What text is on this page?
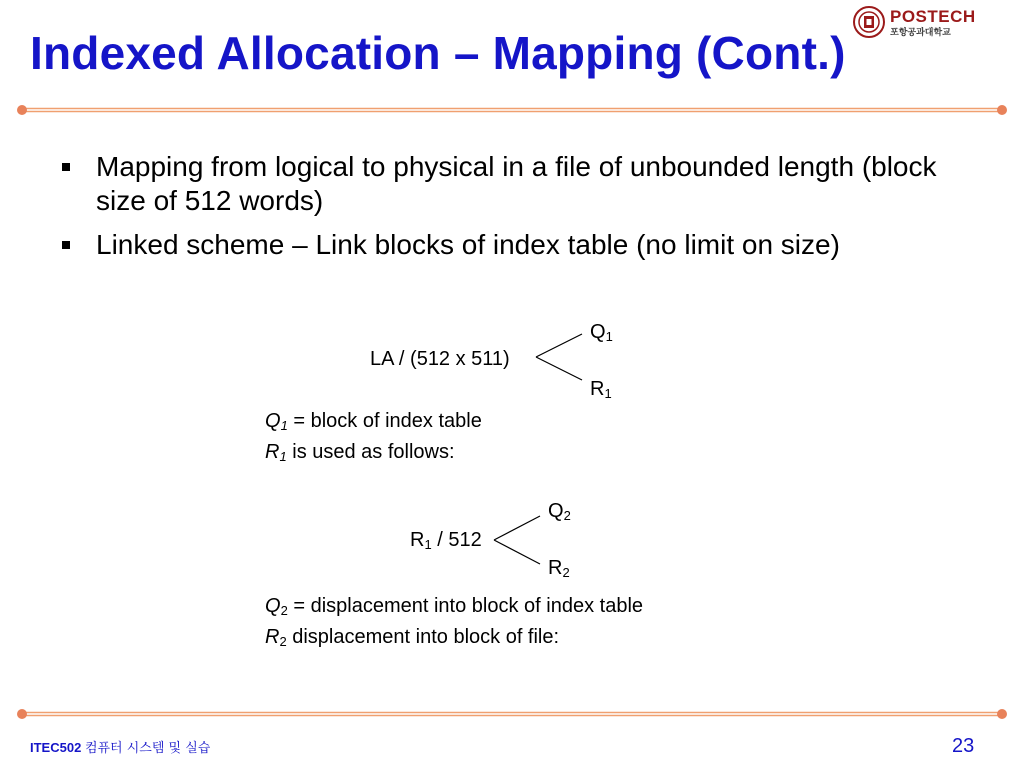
Indexed Allocation – Mapping (Cont.)
POSTECH
포항공과대학교
Mapping from logical to physical in a file of unbounded length (block size of 512 words)
Linked scheme – Link blocks of index table (no limit on size)
LA / (512 x 511)
$Q_1$
$R_1$
$Q_1$ = block of index table
$R_1$ is used as follows:
$R_1 / 512$
$Q_2$
$R_2$
$Q_2$ = displacement into block of index table
$R_2$ displacement into block of file:
ITEC502 컴퓨터 시스템 및 실습	23
